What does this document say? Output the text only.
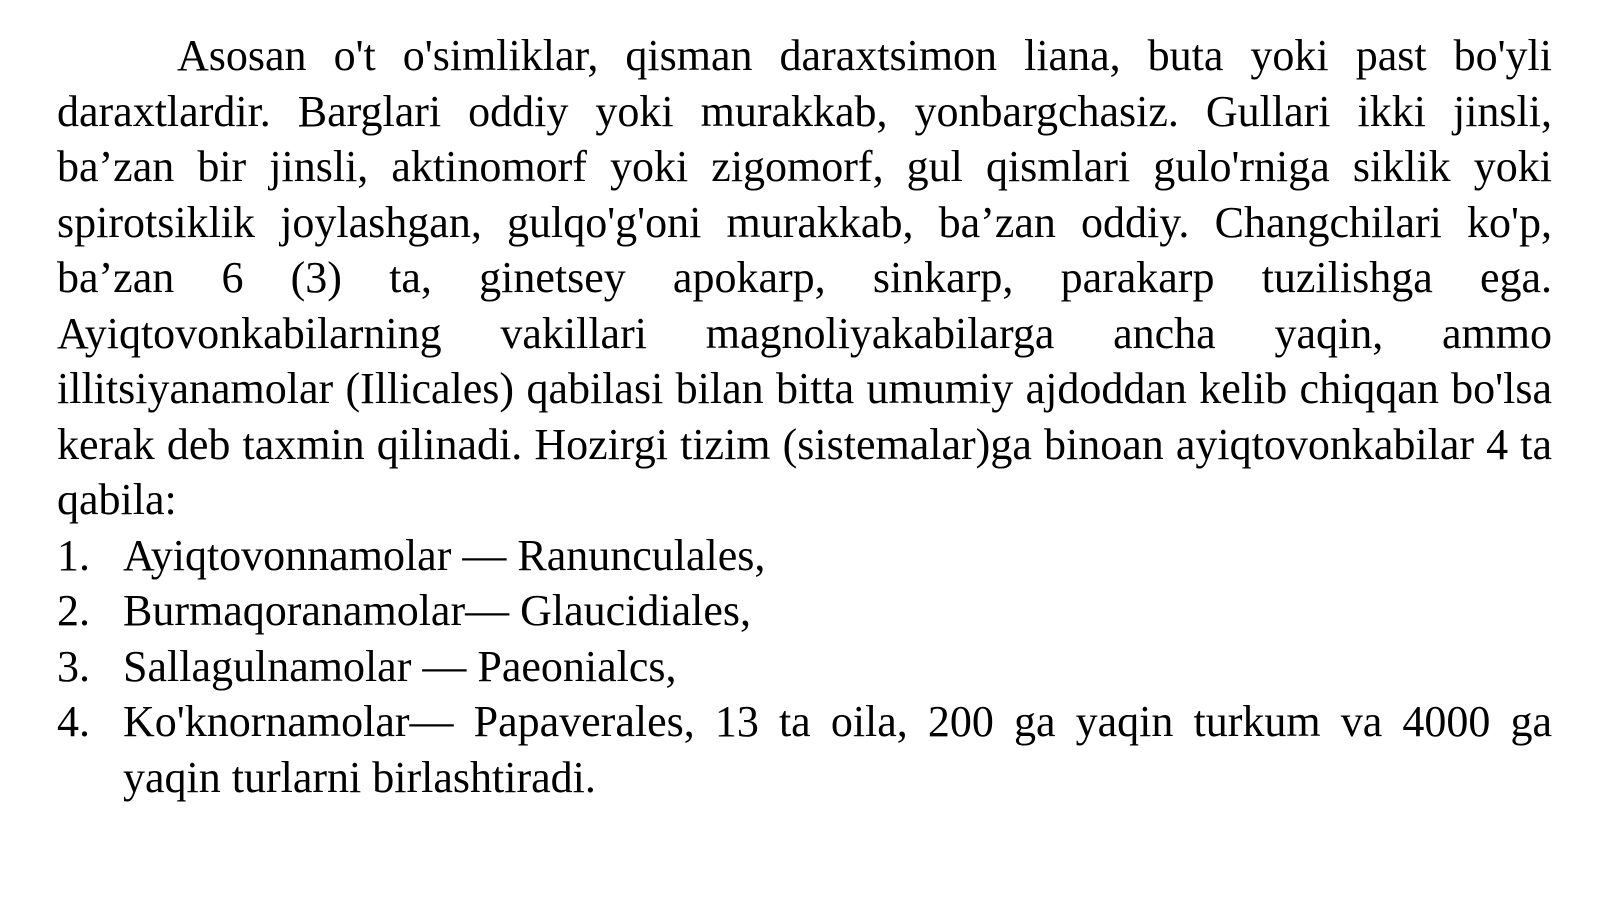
Asosan o't o'simliklar, qisman daraxtsimon liana, buta yoki past bo'yli daraxtlardir. Barglari oddiy yoki murakkab, yonbargchasiz. Gullari ikki jinsli, ba’zan bir jinsli, aktinomorf yoki zigomorf, gul qismlari gulo'rniga siklik yoki spirotsiklik joylashgan, gulqo'g'oni murakkab, ba’zan oddiy. Changchilari ko'p, ba’zan 6 (3) ta, ginetsey apokarp, sinkarp, parakarp tuzilishga ega. Ayiqtovonkabilarning vakillari magnoliyakabilarga ancha yaqin, ammo illitsiyanamolar (Illicales) qabilasi bilan bitta umumiy ajdoddan kelib chiqqan bo'lsa kerak deb taxmin qilinadi. Hozirgi tizim (sistemalar)ga binoan ayiqtovonkabilar 4 ta qabila:

1. Ayiqtovonnamolar — Ranunculales,
2. Burmaqoranamolar— Glaucidiales,
3. Sallagulnamolar — Paeonialcs,
4. Ko'knornamolar— Papaverales, 13 ta oila, 200 ga yaqin turkum va 4000 ga yaqin turlarni birlashtiradi.
